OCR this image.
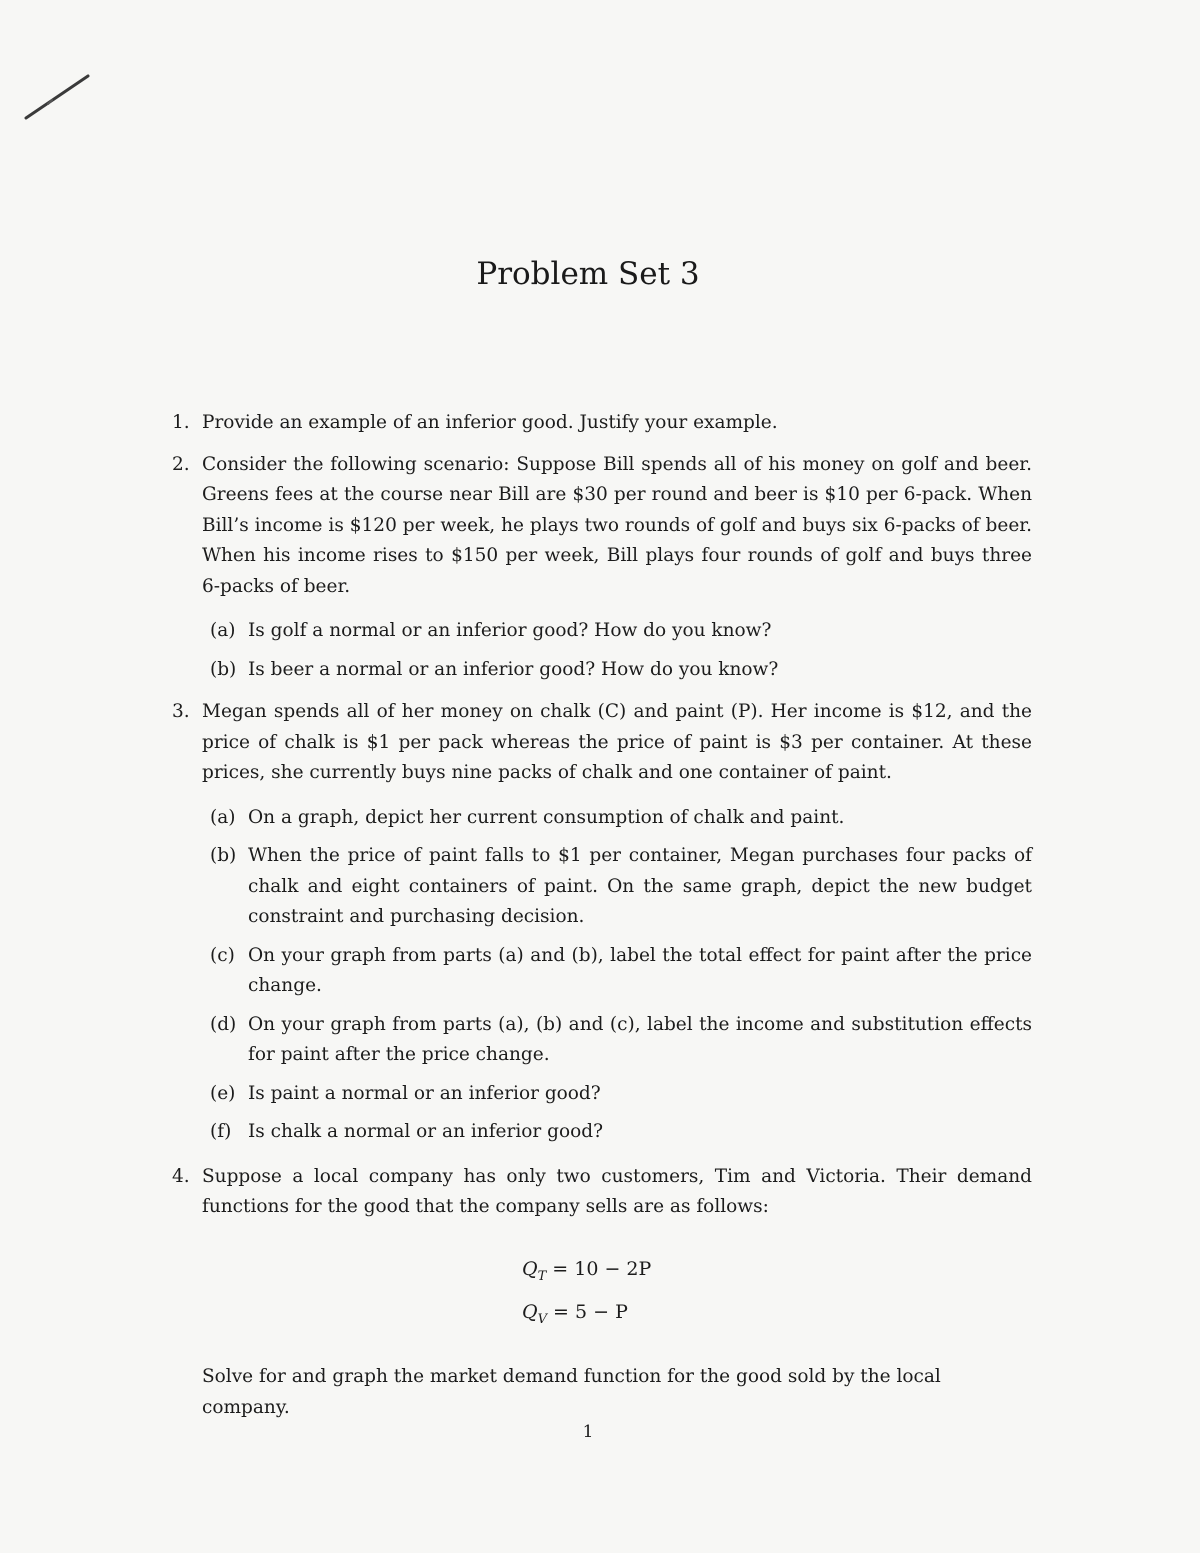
Problem Set 3
1. Provide an example of an inferior good. Justify your example.
2. Consider the following scenario: Suppose Bill spends all of his money on golf and beer. Greens fees at the course near Bill are $30 per round and beer is $10 per 6-pack. When Bill’s income is $120 per week, he plays two rounds of golf and buys six 6-packs of beer. When his income rises to $150 per week, Bill plays four rounds of golf and buys three 6-packs of beer.
(a) Is golf a normal or an inferior good? How do you know?
(b) Is beer a normal or an inferior good? How do you know?
3. Megan spends all of her money on chalk (C) and paint (P). Her income is $12, and the price of chalk is $1 per pack whereas the price of paint is $3 per container. At these prices, she currently buys nine packs of chalk and one container of paint.
(a) On a graph, depict her current consumption of chalk and paint.
(b) When the price of paint falls to $1 per container, Megan purchases four packs of chalk and eight containers of paint. On the same graph, depict the new budget constraint and purchasing decision.
(c) On your graph from parts (a) and (b), label the total effect for paint after the price change.
(d) On your graph from parts (a), (b) and (c), label the income and substitution effects for paint after the price change.
(e) Is paint a normal or an inferior good?
(f) Is chalk a normal or an inferior good?
4. Suppose a local company has only two customers, Tim and Victoria. Their demand functions for the good that the company sells are as follows:
$Q_T = 10 - 2P$
$Q_V = 5 - P$
Solve for and graph the market demand function for the good sold by the local company.
1
